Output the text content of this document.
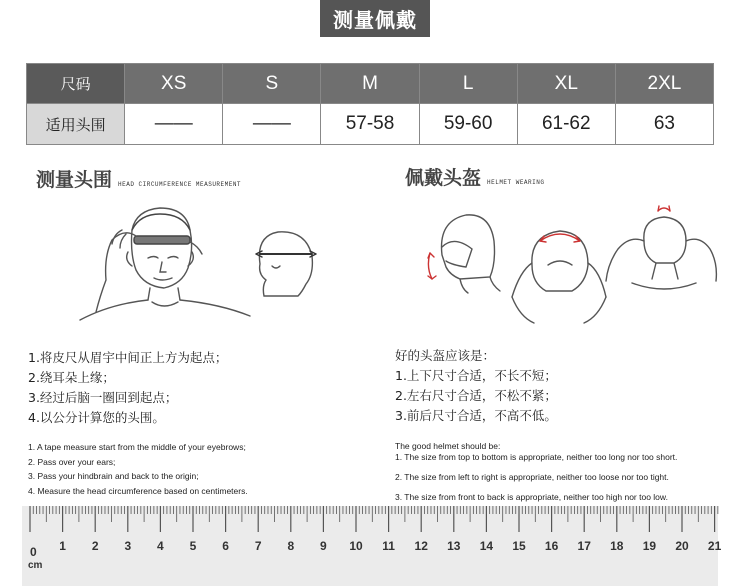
测量佩戴
尺码	XS	S	M	L	XL	2XL
适用头围	——	——	57-58	59-60	61-62	63
测量头围 HEAD CIRCUMFERENCE MEASUREMENT
1.将皮尺从眉宇中间正上方为起点；
2.绕耳朵上缘；
3.经过后脑一圈回到起点；
4.以公分计算您的头围。
1. A tape measure start from the middle of your eyebrows;
2. Pass over your ears;
3. Pass your hindbrain and back to the origin;
4. Measure the head circumference based on centimeters.
佩戴头盔 HELMET WEARING
好的头盔应该是：
1.上下尺寸合适，不长不短；
2.左右尺寸合适，不松不紧；
3.前后尺寸合适，不高不低。
The good helmet should be:
1. The size from top to bottom is appropriate, neither too long nor too short.
2. The size from left to right is appropriate, neither too loose nor too tight.
3. The size from front to back is appropriate, neither too high nor too low.
0 1 2 3 4 5 6 7 8 9 10 11 12 13 14 15 16 17 18 19 20 21
cm
